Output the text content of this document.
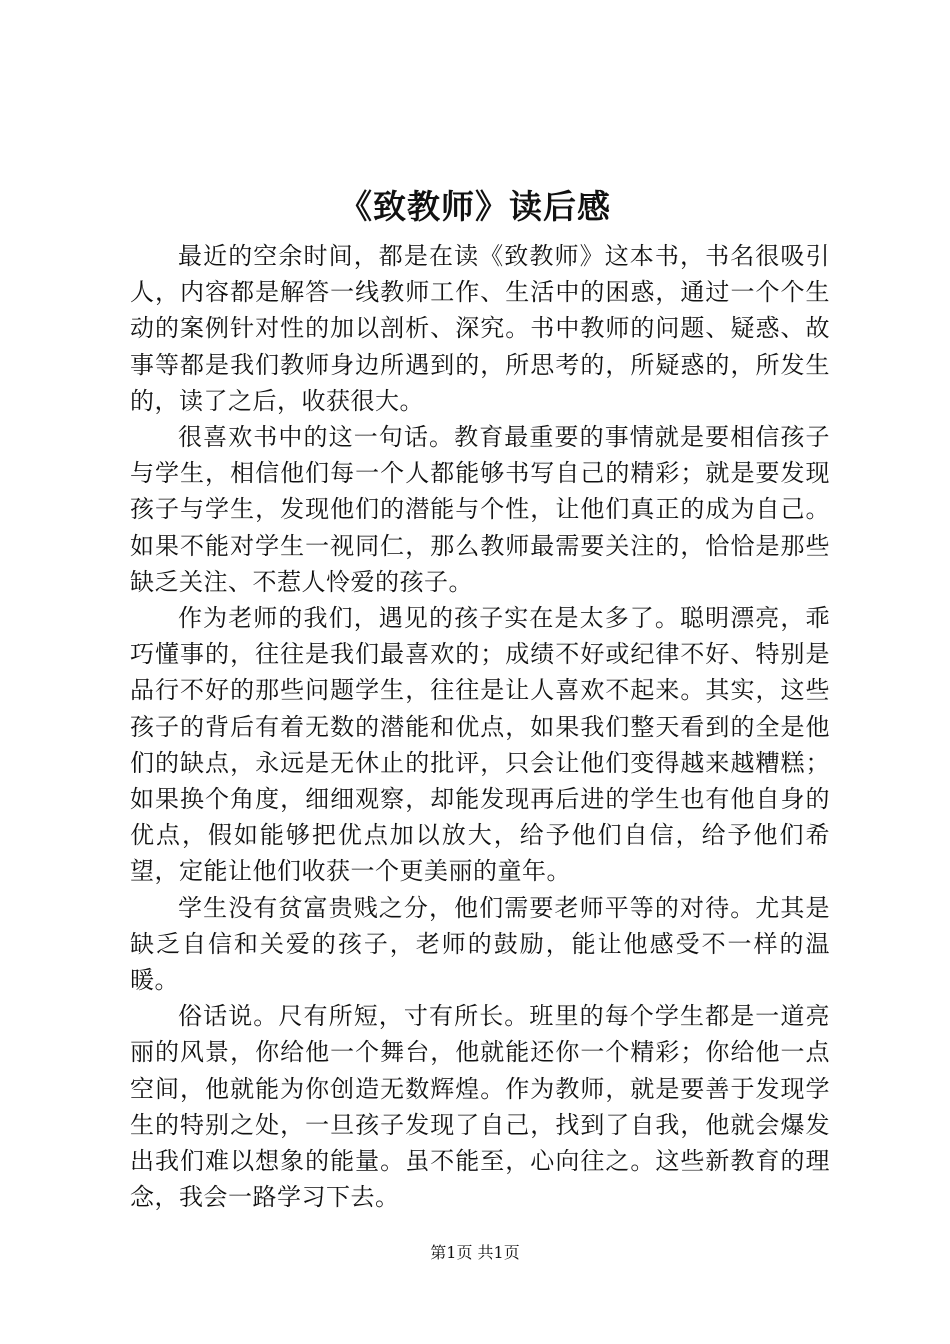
《致教师》读后感

最近的空余时间，都是在读《致教师》这本书，书名很吸引人，内容都是解答一线教师工作、生活中的困惑，通过一个个生动的案例针对性的加以剖析、深究。书中教师的问题、疑惑、故事等都是我们教师身边所遇到的，所思考的，所疑惑的，所发生的，读了之后，收获很大。

很喜欢书中的这一句话。教育最重要的事情就是要相信孩子与学生，相信他们每一个人都能够书写自己的精彩；就是要发现孩子与学生，发现他们的潜能与个性，让他们真正的成为自己。如果不能对学生一视同仁，那么教师最需要关注的，恰恰是那些缺乏关注、不惹人怜爱的孩子。

作为老师的我们，遇见的孩子实在是太多了。聪明漂亮，乖巧懂事的，往往是我们最喜欢的；成绩不好或纪律不好、特别是品行不好的那些问题学生，往往是让人喜欢不起来。其实，这些孩子的背后有着无数的潜能和优点，如果我们整天看到的全是他们的缺点，永远是无休止的批评，只会让他们变得越来越糟糕；如果换个角度，细细观察，却能发现再后进的学生也有他自身的优点，假如能够把优点加以放大，给予他们自信，给予他们希望，定能让他们收获一个更美丽的童年。

学生没有贫富贵贱之分，他们需要老师平等的对待。尤其是缺乏自信和关爱的孩子，老师的鼓励，能让他感受不一样的温暖。

俗话说。尺有所短，寸有所长。班里的每个学生都是一道亮丽的风景，你给他一个舞台，他就能还你一个精彩；你给他一点空间，他就能为你创造无数辉煌。作为教师，就是要善于发现学生的特别之处，一旦孩子发现了自己，找到了自我，他就会爆发出我们难以想象的能量。虽不能至，心向往之。这些新教育的理念，我会一路学习下去。

第1页 共1页
